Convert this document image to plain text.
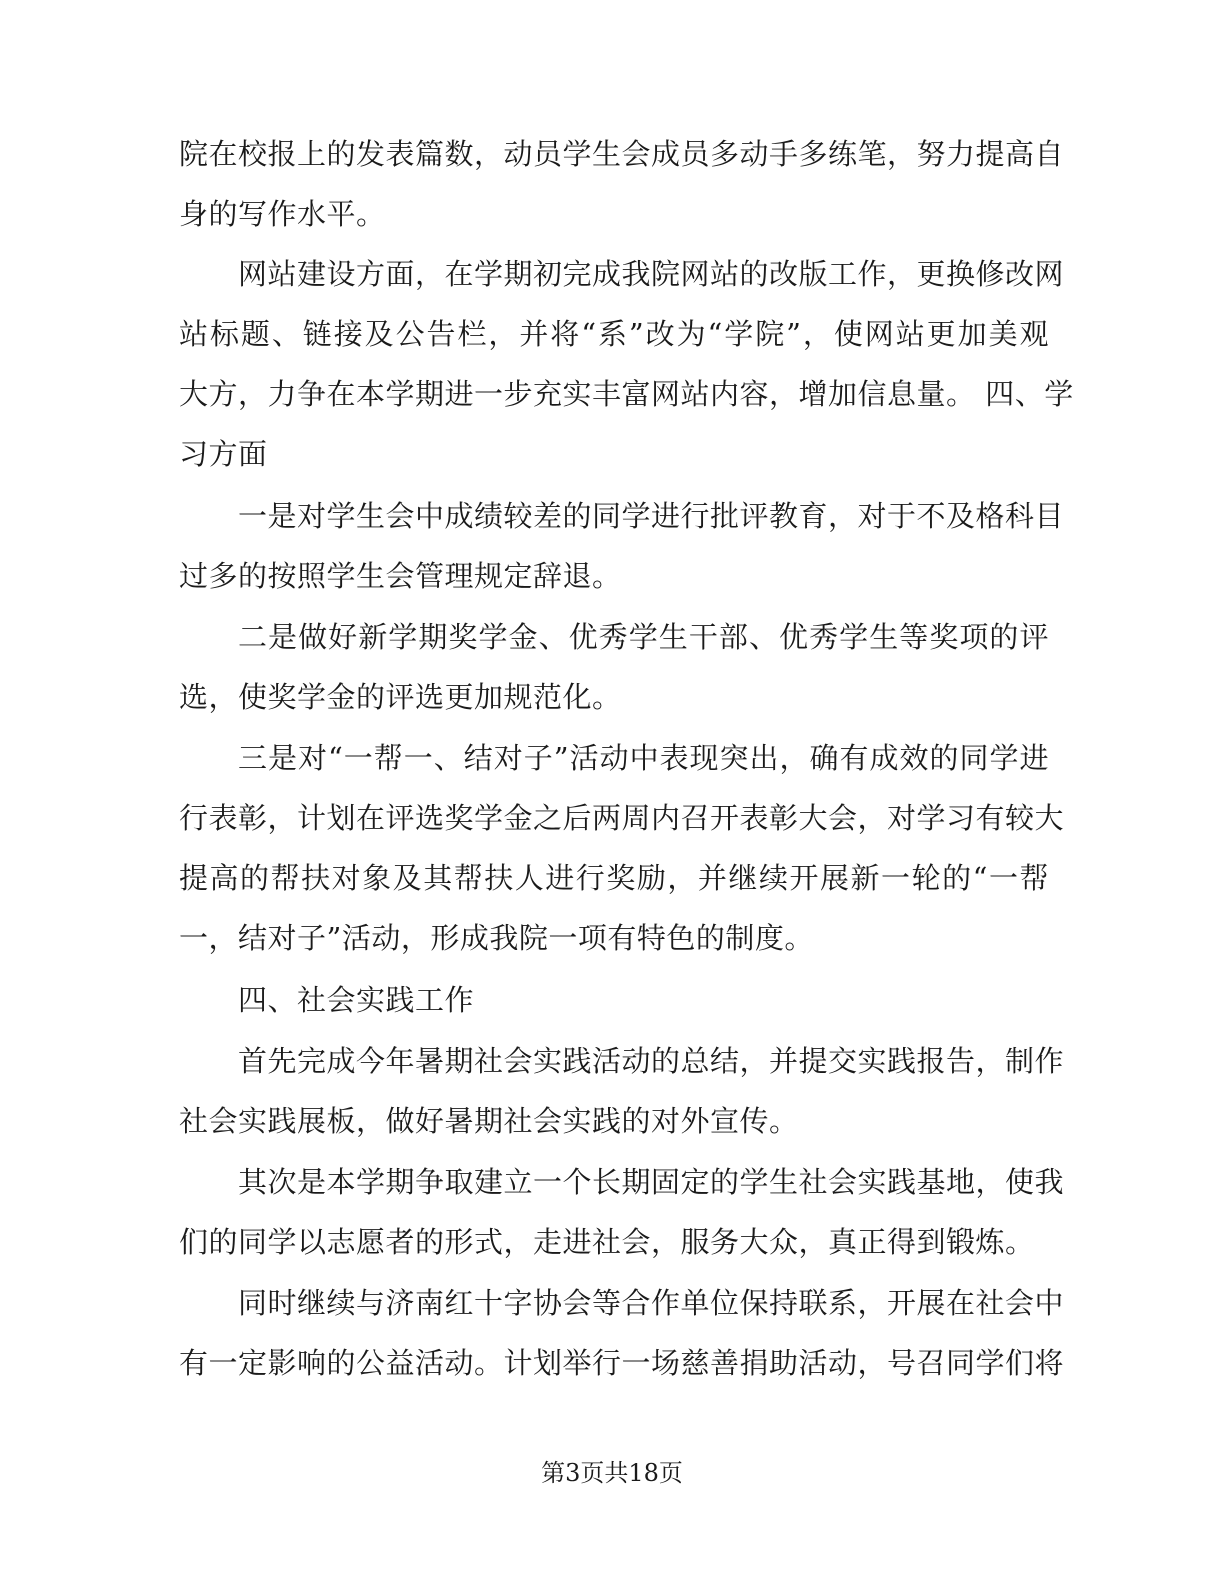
院在校报上的发表篇数，动员学生会成员多动手多练笔，努力提高自
身的写作水平。
网站建设方面，在学期初完成我院网站的改版工作，更换修改网
站标题、链接及公告栏，并将“系”改为“学院”，使网站更加美观
大方，力争在本学期进一步充实丰富网站内容，增加信息量。 四、学
习方面
一是对学生会中成绩较差的同学进行批评教育，对于不及格科目
过多的按照学生会管理规定辞退。
二是做好新学期奖学金、优秀学生干部、优秀学生等奖项的评
选，使奖学金的评选更加规范化。
三是对“一帮一、结对子”活动中表现突出，确有成效的同学进
行表彰，计划在评选奖学金之后两周内召开表彰大会，对学习有较大
提高的帮扶对象及其帮扶人进行奖励，并继续开展新一轮的“一帮
一，结对子”活动，形成我院一项有特色的制度。
四、社会实践工作
首先完成今年暑期社会实践活动的总结，并提交实践报告，制作
社会实践展板，做好暑期社会实践的对外宣传。
其次是本学期争取建立一个长期固定的学生社会实践基地，使我
们的同学以志愿者的形式，走进社会，服务大众，真正得到锻炼。
同时继续与济南红十字协会等合作单位保持联系，开展在社会中
有一定影响的公益活动。计划举行一场慈善捐助活动，号召同学们将
第3页共18页
